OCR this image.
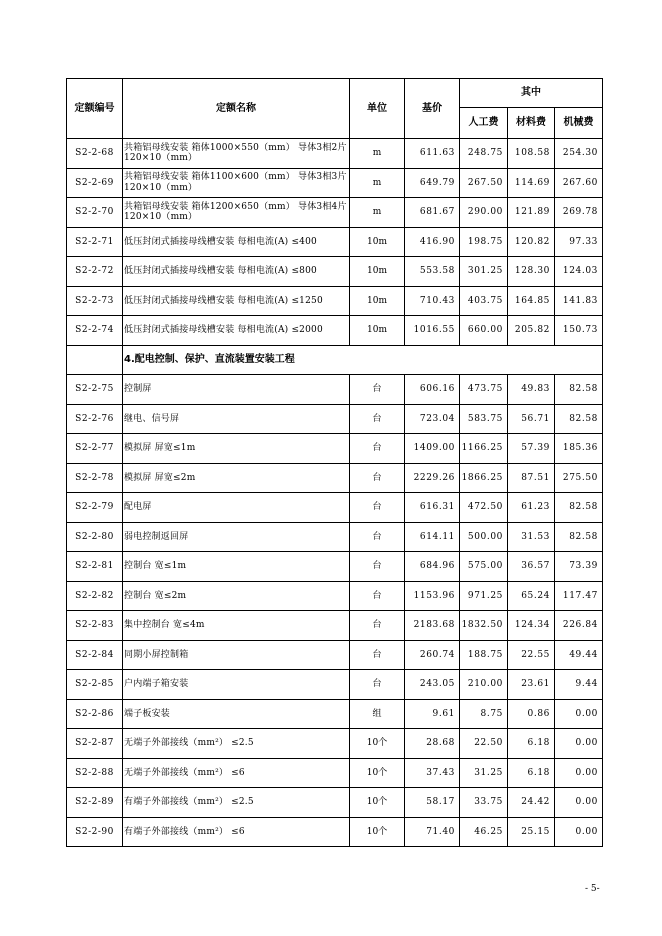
定额编号	定额名称	单位	基价	其中		
				人工费	材料费	机械费
S2-2-68	共箱铝母线安装 箱体1000×550（mm） 导体3相2片120×10（mm）	m	611.63	248.75	108.58	254.30
S2-2-69	共箱铝母线安装 箱体1100×600（mm） 导体3相3片120×10（mm）	m	649.79	267.50	114.69	267.60
S2-2-70	共箱铝母线安装 箱体1200×650（mm） 导体3相4片120×10（mm）	m	681.67	290.00	121.89	269.78
S2-2-71	低压封闭式插接母线槽安装 每相电流(A) ≤400	10m	416.90	198.75	120.82	97.33
S2-2-72	低压封闭式插接母线槽安装 每相电流(A) ≤800	10m	553.58	301.25	128.30	124.03
S2-2-73	低压封闭式插接母线槽安装 每相电流(A) ≤1250	10m	710.43	403.75	164.85	141.83
S2-2-74	低压封闭式插接母线槽安装 每相电流(A) ≤2000	10m	1016.55	660.00	205.82	150.73
	4.配电控制、保护、直流装置安装工程					
S2-2-75	控制屏	台	606.16	473.75	49.83	82.58
S2-2-76	继电、信号屏	台	723.04	583.75	56.71	82.58
S2-2-77	模拟屏 屏宽≤1m	台	1409.00	1166.25	57.39	185.36
S2-2-78	模拟屏 屏宽≤2m	台	2229.26	1866.25	87.51	275.50
S2-2-79	配电屏	台	616.31	472.50	61.23	82.58
S2-2-80	弱电控制返回屏	台	614.11	500.00	31.53	82.58
S2-2-81	控制台 宽≤1m	台	684.96	575.00	36.57	73.39
S2-2-82	控制台 宽≤2m	台	1153.96	971.25	65.24	117.47
S2-2-83	集中控制台 宽≤4m	台	2183.68	1832.50	124.34	226.84
S2-2-84	同期小屏控制箱	台	260.74	188.75	22.55	49.44
S2-2-85	户内端子箱安装	台	243.05	210.00	23.61	9.44
S2-2-86	端子板安装	组	9.61	8.75	0.86	0.00
S2-2-87	无端子外部接线（mm²） ≤2.5	10个	28.68	22.50	6.18	0.00
S2-2-88	无端子外部接线（mm²） ≤6	10个	37.43	31.25	6.18	0.00
S2-2-89	有端子外部接线（mm²） ≤2.5	10个	58.17	33.75	24.42	0.00
S2-2-90	有端子外部接线（mm²） ≤6	10个	71.40	46.25	25.15	0.00
- 5-
